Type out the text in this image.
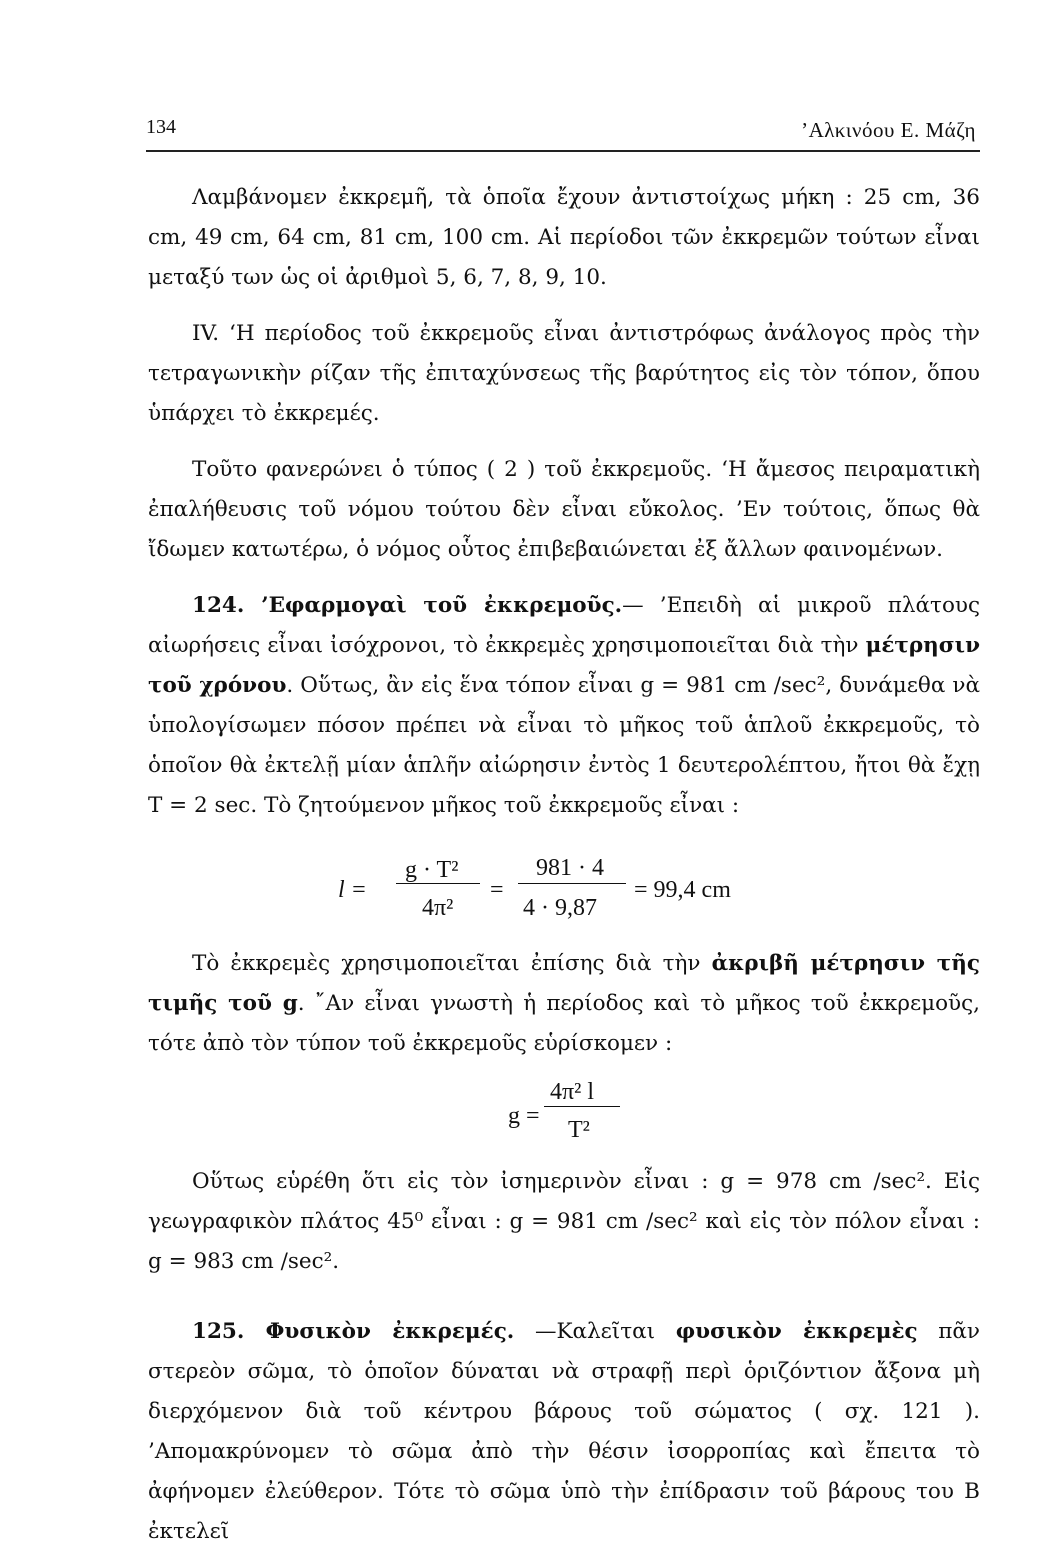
134	’Αλκινόου Ε. Μάζη

Λαμβάνομεν ἐκκρεμῆ, τὰ ὁποῖα ἔχουν ἀντιστοίχως μήκη : 25 cm, 36 cm, 49 cm, 64 cm, 81 cm, 100 cm. Αἱ περίοδοι τῶν ἐκκρεμῶν τούτων εἶναι μεταξύ των ὡς οἱ ἀριθμοὶ 5, 6, 7, 8, 9, 10.

IV. ‘Η περίοδος τοῦ ἐκκρεμοῦς εἶναι ἀντιστρόφως ἀνάλογος πρὸς τὴν τετραγωνικὴν ρίζαν τῆς ἐπιταχύνσεως τῆς βαρύτητος εἰς τὸν τόπον, ὅπου ὑπάρχει τὸ ἐκκρεμές.

Τοῦτο φανερώνει ὁ τύπος ( 2 ) τοῦ ἐκκρεμοῦς. ‘Η ἄμεσος πειραματικὴ ἐπαλήθευσις τοῦ νόμου τούτου δὲν εἶναι εὔκολος. ’Εν τούτοις, ὅπως θὰ ἴδωμεν κατωτέρω, ὁ νόμος οὗτος ἐπιβεβαιώνεται ἐξ ἄλλων φαινομένων.

124. ’Εφαρμογαὶ τοῦ ἐκκρεμοῦς.— ’Επειδὴ αἱ μικροῦ πλάτους αἰωρήσεις εἶναι ἰσόχρονοι, τὸ ἐκκρεμὲς χρησιμοποιεῖται διὰ τὴν μέτρησιν τοῦ χρόνου. Οὕτως, ἂν εἰς ἕνα τόπον εἶναι g = 981 cm /sec², δυνάμεθα νὰ ὑπολογίσωμεν πόσον πρέπει νὰ εἶναι τὸ μῆκος τοῦ ἁπλοῦ ἐκκρεμοῦς, τὸ ὁποῖον θὰ ἐκτελῇ μίαν ἁπλῆν αἰώρησιν ἐντὸς 1 δευτερολέπτου, ἤτοι θὰ ἔχῃ T = 2 sec. Τὸ ζητούμενον μῆκος τοῦ ἐκκρεμοῦς εἶναι :

l =
g · T²
4π²
=
981 · 4
4 · 9,87
= 99,4 cm

Τὸ ἐκκρεμὲς χρησιμοποιεῖται ἐπίσης διὰ τὴν ἀκριβῆ μέτρησιν τῆς τιμῆς τοῦ g. ῎Αν εἶναι γνωστὴ ἡ περίοδος καὶ τὸ μῆκος τοῦ ἐκκρεμοῦς, τότε ἀπὸ τὸν τύπον τοῦ ἐκκρεμοῦς εὑρίσκομεν :

g =
4π² l
T²

Οὕτως εὑρέθη ὅτι εἰς τὸν ἰσημερινὸν εἶναι : g = 978 cm /sec². Εἰς γεωγραφικὸν πλάτος 45⁰ εἶναι : g = 981 cm /sec² καὶ εἰς τὸν πόλον εἶναι : g = 983 cm /sec².

125. Φυσικὸν ἐκκρεμές. —Καλεῖται φυσικὸν ἐκκρεμὲς πᾶν στερεὸν σῶμα, τὸ ὁποῖον δύναται νὰ στραφῇ περὶ ὁριζόντιον ἄξονα μὴ διερχόμενον διὰ τοῦ κέντρου βάρους τοῦ σώματος ( σχ. 121 ). ’Απομακρύνομεν τὸ σῶμα ἀπὸ τὴν θέσιν ἰσορροπίας καὶ ἔπειτα τὸ ἀφήνομεν ἐλεύθερον. Τότε τὸ σῶμα ὑπὸ τὴν ἐπίδρασιν τοῦ βάρους του Β ἐκτελεῖ
